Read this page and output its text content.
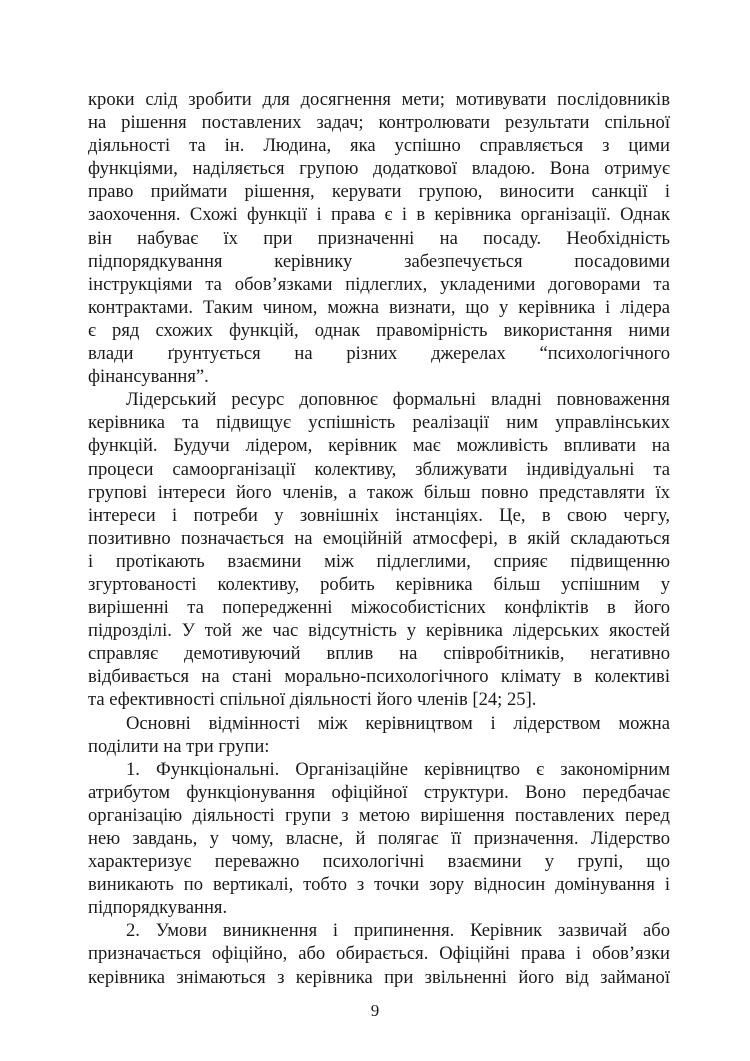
кроки слід зробити для досягнення мети; мотивувати послідовників
на рішення поставлених задач; контролювати результати спільної
діяльності та ін. Людина, яка успішно справляється з цими
функціями, наділяється групою додаткової владою. Вона отримує
право приймати рішення, керувати групою, виносити санкції і
заохочення. Схожі функції і права є і в керівника організації. Однак
він набуває їх при призначенні на посаду. Необхідність
підпорядкування керівнику забезпечується посадовими
інструкціями та обов’язками підлеглих, укладеними договорами та
контрактами. Таким чином, можна визнати, що у керівника і лідера
є ряд схожих функцій, однак правомірність використання ними
влади ґрунтується на різних джерелах “психологічного
фінансування”.
Лідерський ресурс доповнює формальні владні повноваження
керівника та підвищує успішність реалізації ним управлінських
функцій. Будучи лідером, керівник має можливість впливати на
процеси самоорганізації колективу, зближувати індивідуальні та
групові інтереси його членів, а також більш повно представляти їх
інтереси і потреби у зовнішніх інстанціях. Це, в свою чергу,
позитивно позначається на емоційній атмосфері, в якій складаються
і протікають взаємини між підлеглими, сприяє підвищенню
згуртованості колективу, робить керівника більш успішним у
вирішенні та попередженні міжособистісних конфліктів в його
підрозділі. У той же час відсутність у керівника лідерських якостей
справляє демотивуючий вплив на співробітників, негативно
відбивається на стані морально-психологічного клімату в колективі
та ефективності спільної діяльності його членів [24; 25].
Основні відмінності між керівництвом і лідерством можна
поділити на три групи:
1. Функціональні. Організаційне керівництво є закономірним
атрибутом функціонування офіційної структури. Воно передбачає
організацію діяльності групи з метою вирішення поставлених перед
нею завдань, у чому, власне, й полягає її призначення. Лідерство
характеризує переважно психологічні взаємини у групі, що
виникають по вертикалі, тобто з точки зору відносин домінування і
підпорядкування.
2. Умови виникнення і припинення. Керівник зазвичай або
призначається офіційно, або обирається. Офіційні права і обов’язки
керівника знімаються з керівника при звільненні його від займаної
9
